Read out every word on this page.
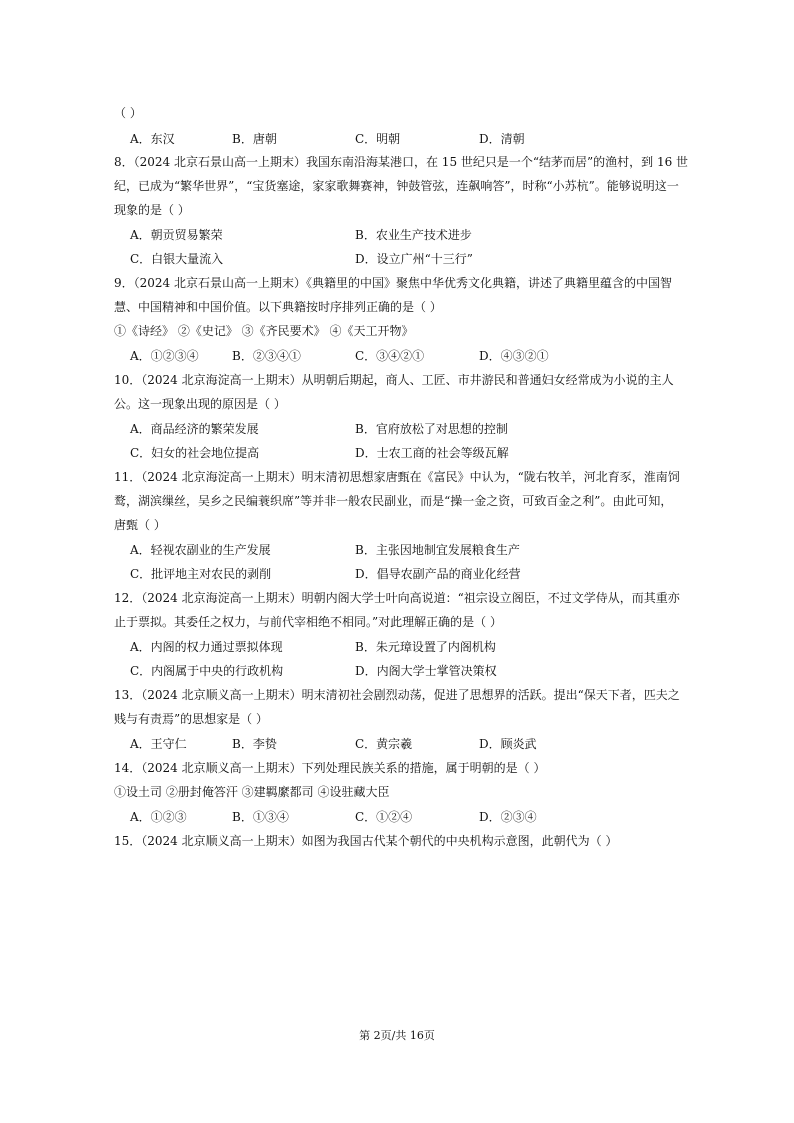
（ ）
A．东汉	B．唐朝	C．明朝	D．清朝
8．（2024 北京石景山高一上期末）我国东南沿海某港口，在 15 世纪只是一个“结茅而居”的渔村，到 16 世
纪，已成为“繁华世界”，“宝货塞途，家家歌舞赛神，钟鼓管弦，连飙响答”，时称“小苏杭”。能够说明这一
现象的是（ ）
A．朝贡贸易繁荣	B．农业生产技术进步
C．白银大量流入	D．设立广州“十三行”
9．（2024 北京石景山高一上期末）《典籍里的中国》聚焦中华优秀文化典籍，讲述了典籍里蕴含的中国智
慧、中国精神和中国价值。以下典籍按时序排列正确的是（ ）
①《诗经》 ②《史记》 ③《齐民要术》 ④《天工开物》
A．①②③④	B．②③④①	C．③④②①	D．④③②①
10．（2024 北京海淀高一上期末）从明朝后期起，商人、工匠、市井游民和普通妇女经常成为小说的主人
公。这一现象出现的原因是（ ）
A．商品经济的繁荣发展	B．官府放松了对思想的控制
C．妇女的社会地位提高	D．士农工商的社会等级瓦解
11．（2024 北京海淀高一上期末）明末清初思想家唐甄在《富民》中认为，“陇右牧羊，河北育豕，淮南饲
鹜，湖滨缫丝，吴乡之民编蓑织席”等并非一般农民副业，而是“操一金之资，可致百金之利”。由此可知，
唐甄（ ）
A．轻视农副业的生产发展	B．主张因地制宜发展粮食生产
C．批评地主对农民的剥削	D．倡导农副产品的商业化经营
12．（2024 北京海淀高一上期末）明朝内阁大学士叶向高说道：“祖宗设立阁臣，不过文学侍从，而其重亦
止于票拟。其委任之权力，与前代宰相绝不相同。”对此理解正确的是（ ）
A．内阁的权力通过票拟体现	B．朱元璋设置了内阁机构
C．内阁属于中央的行政机构	D．内阁大学士掌管决策权
13．（2024 北京顺义高一上期末）明末清初社会剧烈动荡，促进了思想界的活跃。提出“保天下者，匹夫之
贱与有责焉”的思想家是（ ）
A．王守仁	B．李贽	C．黄宗羲	D．顾炎武
14．（2024 北京顺义高一上期末）下列处理民族关系的措施，属于明朝的是（ ）
①设土司 ②册封俺答汗 ③建羁縻都司 ④设驻藏大臣
A．①②③	B．①③④	C．①②④	D．②③④
15．（2024 北京顺义高一上期末）如图为我国古代某个朝代的中央机构示意图，此朝代为（ ）
第 2页/共 16页
